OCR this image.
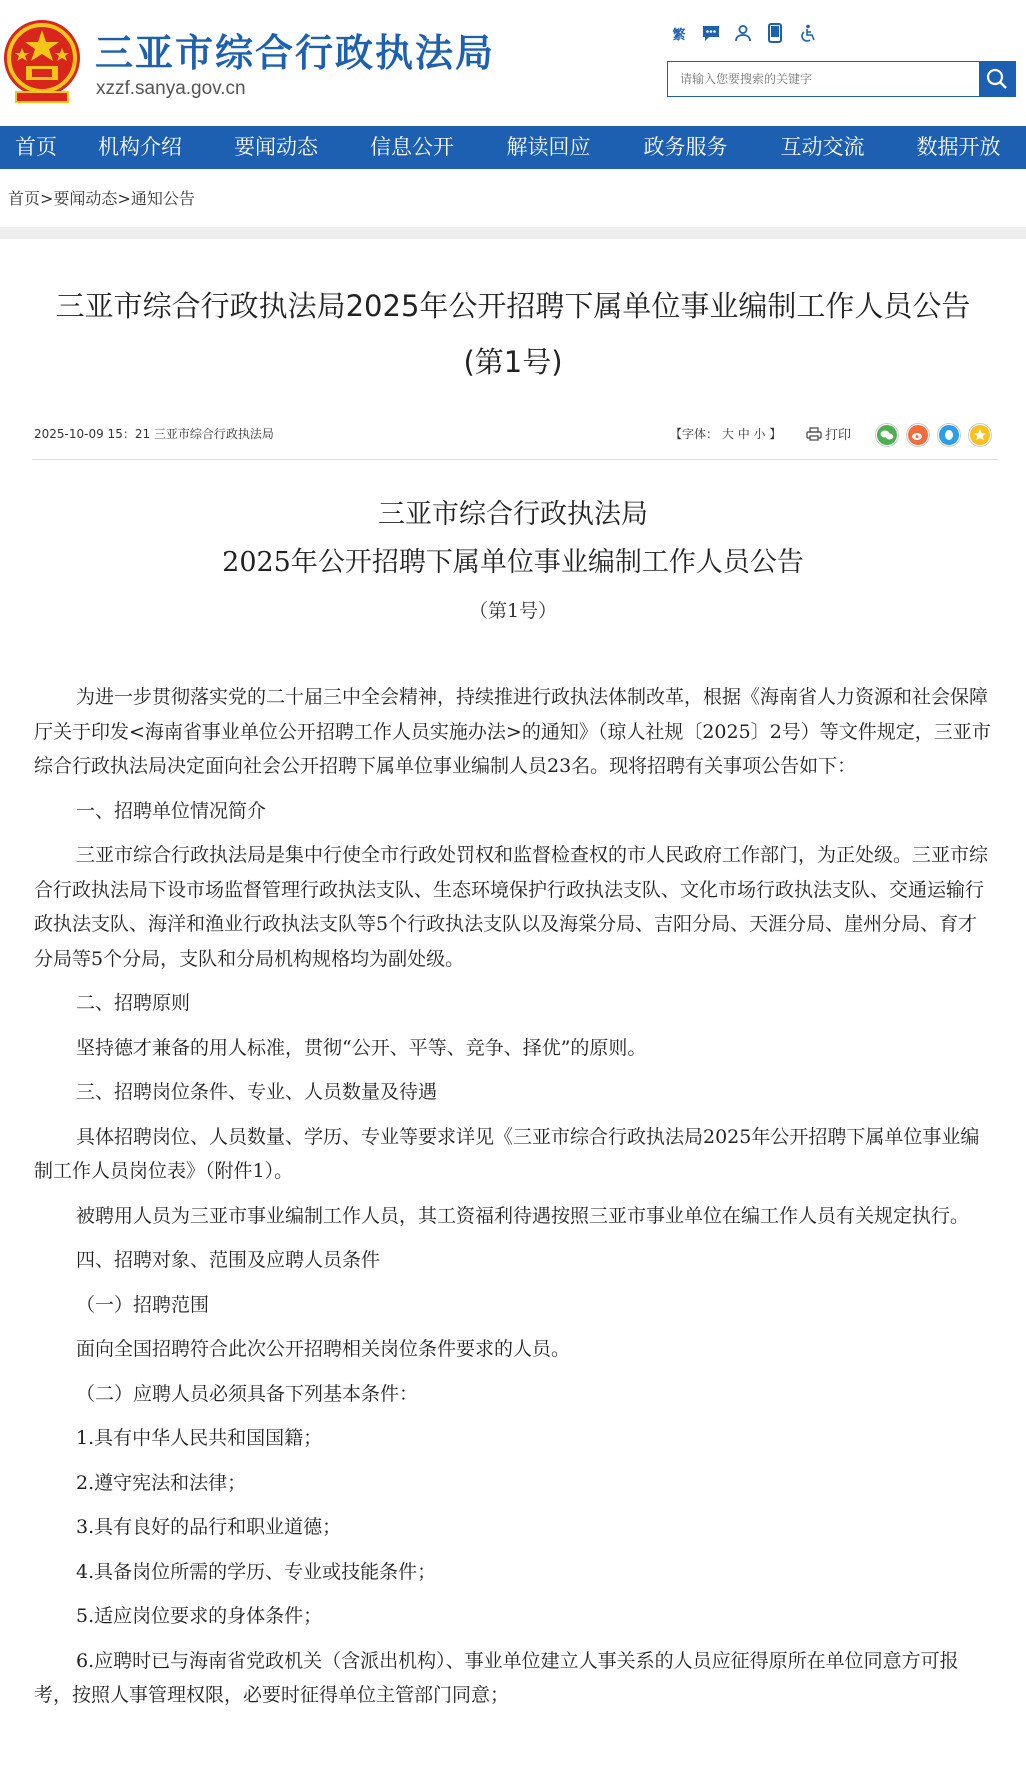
三亚市综合行政执法局
xzzf.sanya.gov.cn
繁
请输入您要搜索的关键字
首页	机构介绍	要闻动态	信息公开	解读回应	政务服务	互动交流	数据开放
首页>要闻动态>通知公告
三亚市综合行政执法局2025年公开招聘下属单位事业编制工作人员公告
(第1号)
2025-10-09 15：21 三亚市综合行政执法局	【字体： 大 中 小 】	打印
三亚市综合行政执法局
2025年公开招聘下属单位事业编制工作人员公告
（第1号）

为进一步贯彻落实党的二十届三中全会精神，持续推进行政执法体制改革，根据《海南省人力资源和社会保障厅关于印发<海南省事业单位公开招聘工作人员实施办法>的通知》（琼人社规〔2025〕2号）等文件规定，三亚市综合行政执法局决定面向社会公开招聘下属单位事业编制人员23名。现将招聘有关事项公告如下：

一、招聘单位情况简介

三亚市综合行政执法局是集中行使全市行政处罚权和监督检查权的市人民政府工作部门，为正处级。三亚市综合行政执法局下设市场监督管理行政执法支队、生态环境保护行政执法支队、文化市场行政执法支队、交通运输行政执法支队、海洋和渔业行政执法支队等5个行政执法支队以及海棠分局、吉阳分局、天涯分局、崖州分局、育才分局等5个分局，支队和分局机构规格均为副处级。

二、招聘原则

坚持德才兼备的用人标准，贯彻“公开、平等、竞争、择优”的原则。

三、招聘岗位条件、专业、人员数量及待遇

具体招聘岗位、人员数量、学历、专业等要求详见《三亚市综合行政执法局2025年公开招聘下属单位事业编制工作人员岗位表》（附件1）。

被聘用人员为三亚市事业编制工作人员，其工资福利待遇按照三亚市事业单位在编工作人员有关规定执行。

四、招聘对象、范围及应聘人员条件

（一）招聘范围

面向全国招聘符合此次公开招聘相关岗位条件要求的人员。

（二）应聘人员必须具备下列基本条件：

1.具有中华人民共和国国籍；

2.遵守宪法和法律；

3.具有良好的品行和职业道德；

4.具备岗位所需的学历、专业或技能条件；

5.适应岗位要求的身体条件；

6.应聘时已与海南省党政机关（含派出机构）、事业单位建立人事关系的人员应征得原所在单位同意方可报考，按照人事管理权限，必要时征得单位主管部门同意；
